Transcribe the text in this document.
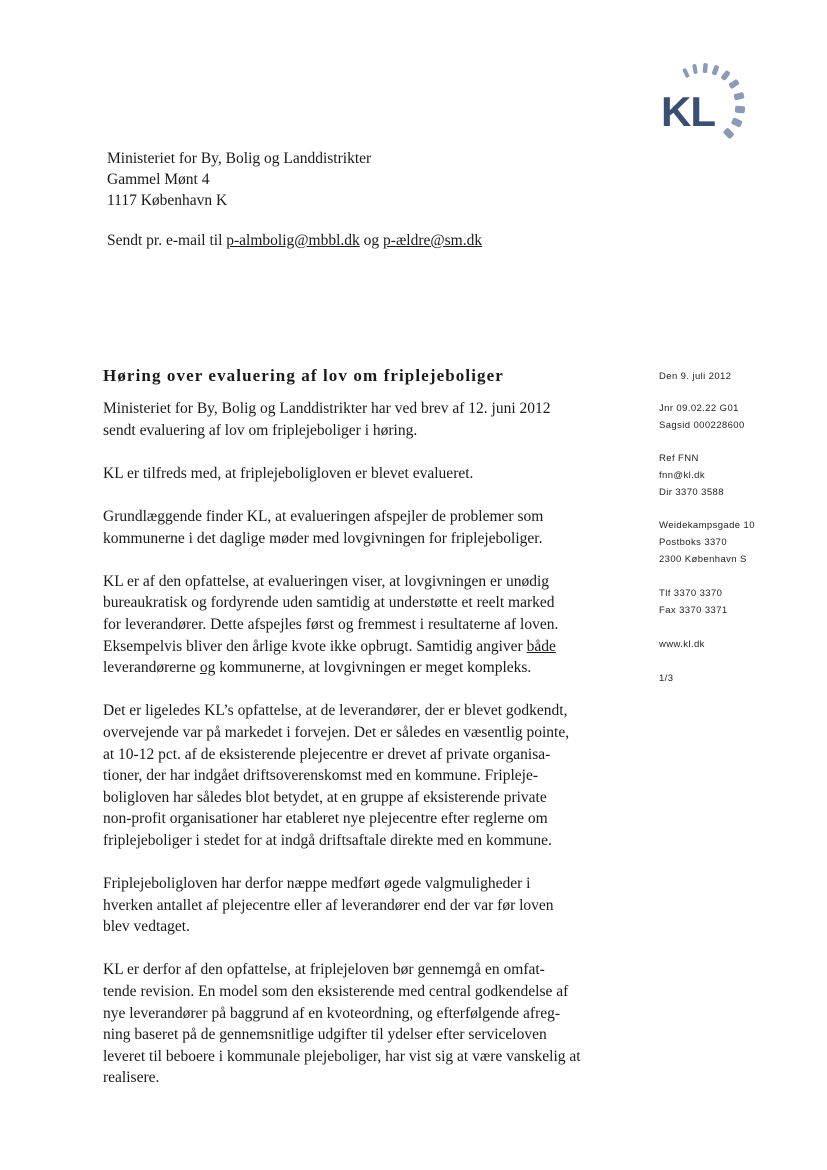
KL
Ministeriet for By, Bolig og Landdistrikter
Gammel Mønt 4
1117 København K
Sendt pr. e-mail til p-almbolig@mbbl.dk og p-ældre@sm.dk
Høring over evaluering af lov om friplejeboliger

Ministeriet for By, Bolig og Landdistrikter har ved brev af 12. juni 2012
sendt evaluering af lov om friplejeboliger i høring.

KL er tilfreds med, at friplejeboligloven er blevet evalueret.

Grundlæggende finder KL, at evalueringen afspejler de problemer som
kommunerne i det daglige møder med lovgivningen for friplejeboliger.

KL er af den opfattelse, at evalueringen viser, at lovgivningen er unødig
bureaukratisk og fordyrende uden samtidig at understøtte et reelt marked
for leverandører. Dette afspejles først og fremmest i resultaterne af loven.
Eksempelvis bliver den årlige kvote ikke opbrugt. Samtidig angiver både
leverandørerne og kommunerne, at lovgivningen er meget kompleks.

Det er ligeledes KL’s opfattelse, at de leverandører, der er blevet godkendt,
overvejende var på markedet i forvejen. Det er således en væsentlig pointe,
at 10-12 pct. af de eksisterende plejecentre er drevet af private organisa-
tioner, der har indgået driftsoverenskomst med en kommune. Fripleje-
boligloven har således blot betydet, at en gruppe af eksisterende private
non-profit organisationer har etableret nye plejecentre efter reglerne om
friplejeboliger i stedet for at indgå driftsaftale direkte med en kommune.

Friplejeboligloven har derfor næppe medført øgede valgmuligheder i
hverken antallet af plejecentre eller af leverandører end der var før loven
blev vedtaget.

KL er derfor af den opfattelse, at friplejeloven bør gennemgå en omfat-
tende revision. En model som den eksisterende med central godkendelse af
nye leverandører på baggrund af en kvoteordning, og efterfølgende afreg-
ning baseret på de gennemsnitlige udgifter til ydelser efter serviceloven
leveret til beboere i kommunale plejeboliger, har vist sig at være vanskelig at
realisere.

Den 9. juli 2012
Jnr 09.02.22 G01
Sagsid 000228600
Ref FNN
fnn@kl.dk
Dir 3370 3588
Weidekampsgade 10
Postboks 3370
2300 København S
Tlf 3370 3370
Fax 3370 3371
www.kl.dk
1/3
